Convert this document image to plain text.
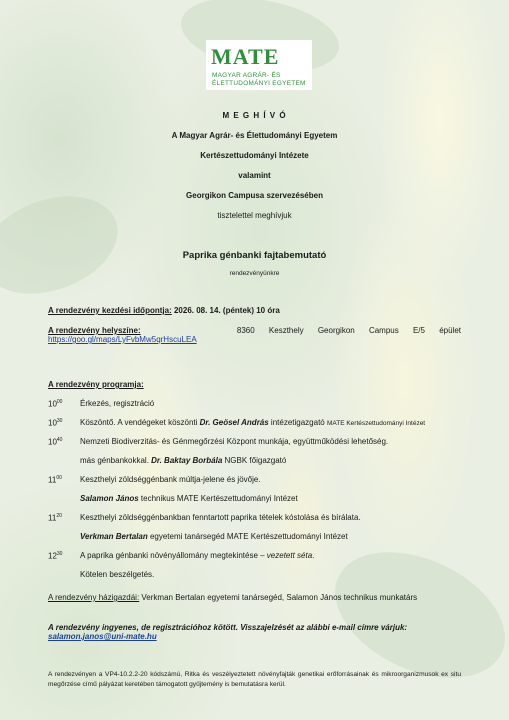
MATE
MAGYAR AGRÁR- ÉS
ÉLETTUDOMÁNYI EGYETEM
M E G H Í V Ó
A Magyar Agrár- és Élettudományi Egyetem
Kertészettudományi Intézete
valamint
Georgikon Campusa szervezésében
tisztelettel meghívjuk
Paprika génbanki fajtabemutató
rendezvényünkre
A rendezvény kezdési időpontja: 2026. 08. 14. (péntek) 10 óra
A rendezvény helyszíne:	8360 Keszthely Georgikon Campus E/5 épület
https://goo.gl/maps/LyFvbMw5qrHscuLEA
A rendezvény programja:
$10^{00}$ Érkezés, regisztráció
$10^{30}$ Köszöntő. A vendégeket köszönti Dr. Geösel András intézetigazgató MATE Kertészettudományi Intézet
$10^{40}$ Nemzeti Biodiverzitás- és Génmegőrzési Központ munkája, együttműködési lehetőség.
más génbankokkal. Dr. Baktay Borbála NGBK főigazgató
$11^{00}$ Keszthelyi zöldséggénbank múltja-jelene és jövője.
Salamon János technikus MATE Kertészettudományi Intézet
$11^{20}$ Keszthelyi zöldséggénbankban fenntartott paprika tételek kóstolása és bírálata.
Verkman Bertalan egyetemi tanársegéd MATE Kertészettudományi Intézet
$12^{30}$ A paprika génbanki növényállomány megtekintése – vezetett séta.
Kötelen beszélgetés.
A rendezvény házigazdái: Verkman Bertalan egyetemi tanársegéd, Salamon János technikus munkatárs
A rendezvény ingyenes, de regisztrációhoz kötött. Visszajelzését az alábbi e-mail címre várjuk:
salamon.janos@uni-mate.hu
A rendezvényen a VP4-10.2.2-20 kódszámú, Ritka és veszélyeztetett növényfajták genetikai erőforrásainak és mikroorganizmusok ex situ megőrzése című pályázat keretében támogatott gyűjtemény is bemutatásra kerül.
